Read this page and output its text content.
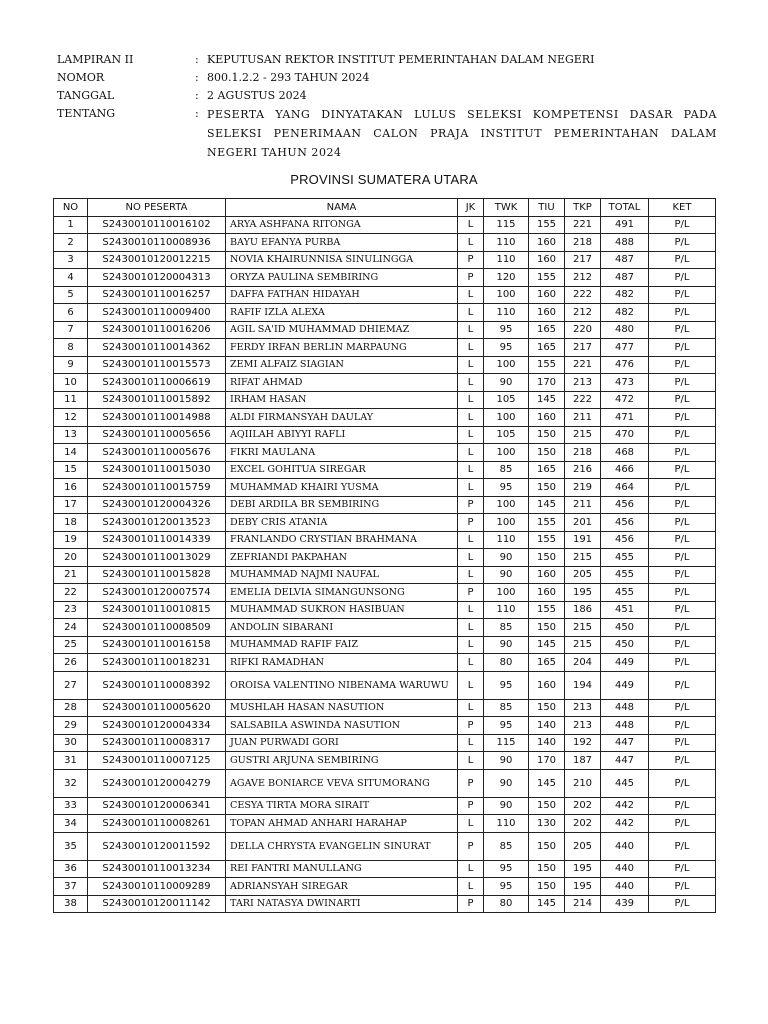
LAMPIRAN II	: KEPUTUSAN REKTOR INSTITUT PEMERINTAHAN DALAM NEGERI
NOMOR	: 800.1.2.2 - 293 TAHUN 2024
TANGGAL	: 2 AGUSTUS 2024
TENTANG	: PESERTA YANG DINYATAKAN LULUS SELEKSI KOMPETENSI DASAR PADA SELEKSI PENERIMAAN CALON PRAJA INSTITUT PEMERINTAHAN DALAM NEGERI TAHUN 2024
PROVINSI SUMATERA UTARA
NO	NO PESERTA	NAMA	JK	TWK	TIU	TKP	TOTAL	KET
1	S2430010110016102	ARYA ASHFANA RITONGA	L	115	155	221	491	P/L
2	S2430010110008936	BAYU EFANYA PURBA	L	110	160	218	488	P/L
3	S2430010120012215	NOVIA KHAIRUNNISA SINULINGGA	P	110	160	217	487	P/L
4	S2430010120004313	ORYZA PAULINA SEMBIRING	P	120	155	212	487	P/L
5	S2430010110016257	DAFFA FATHAN HIDAYAH	L	100	160	222	482	P/L
6	S2430010110009400	RAFIF IZLA ALEXA	L	110	160	212	482	P/L
7	S2430010110016206	AGIL SA'ID MUHAMMAD DHIEMAZ	L	95	165	220	480	P/L
8	S2430010110014362	FERDY IRFAN BERLIN MARPAUNG	L	95	165	217	477	P/L
9	S2430010110015573	ZEMI ALFAIZ SIAGIAN	L	100	155	221	476	P/L
10	S2430010110006619	RIFAT AHMAD	L	90	170	213	473	P/L
11	S2430010110015892	IRHAM HASAN	L	105	145	222	472	P/L
12	S2430010110014988	ALDI FIRMANSYAH DAULAY	L	100	160	211	471	P/L
13	S2430010110005656	AQIILAH ABIYYI RAFLI	L	105	150	215	470	P/L
14	S2430010110005676	FIKRI MAULANA	L	100	150	218	468	P/L
15	S2430010110015030	EXCEL GOHITUA SIREGAR	L	85	165	216	466	P/L
16	S2430010110015759	MUHAMMAD KHAIRI YUSMA	L	95	150	219	464	P/L
17	S2430010120004326	DEBI ARDILA BR SEMBIRING	P	100	145	211	456	P/L
18	S2430010120013523	DEBY CRIS ATANIA	P	100	155	201	456	P/L
19	S2430010110014339	FRANLANDO CRYSTIAN BRAHMANA	L	110	155	191	456	P/L
20	S2430010110013029	ZEFRIANDI PAKPAHAN	L	90	150	215	455	P/L
21	S2430010110015828	MUHAMMAD NAJMI NAUFAL	L	90	160	205	455	P/L
22	S2430010120007574	EMELIA DELVIA SIMANGUNSONG	P	100	160	195	455	P/L
23	S2430010110010815	MUHAMMAD SUKRON HASIBUAN	L	110	155	186	451	P/L
24	S2430010110008509	ANDOLIN SIBARANI	L	85	150	215	450	P/L
25	S2430010110016158	MUHAMMAD RAFIF FAIZ	L	90	145	215	450	P/L
26	S2430010110018231	RIFKI RAMADHAN	L	80	165	204	449	P/L
27	S2430010110008392	OROISA VALENTINO NIBENAMA WARUWU	L	95	160	194	449	P/L
28	S2430010110005620	MUSHLAH HASAN NASUTION	L	85	150	213	448	P/L
29	S2430010120004334	SALSABILA ASWINDA NASUTION	P	95	140	213	448	P/L
30	S2430010110008317	JUAN PURWADI GORI	L	115	140	192	447	P/L
31	S2430010110007125	GUSTRI ARJUNA SEMBIRING	L	90	170	187	447	P/L
32	S2430010120004279	AGAVE BONIARCE VEVA SITUMORANG	P	90	145	210	445	P/L
33	S2430010120006341	CESYA TIRTA MORA SIRAIT	P	90	150	202	442	P/L
34	S2430010110008261	TOPAN AHMAD ANHARI HARAHAP	L	110	130	202	442	P/L
35	S2430010120011592	DELLA CHRYSTA EVANGELIN SINURAT	P	85	150	205	440	P/L
36	S2430010110013234	REI FANTRI MANULLANG	L	95	150	195	440	P/L
37	S2430010110009289	ADRIANSYAH SIREGAR	L	95	150	195	440	P/L
38	S2430010120011142	TARI NATASYA DWINARTI	P	80	145	214	439	P/L
